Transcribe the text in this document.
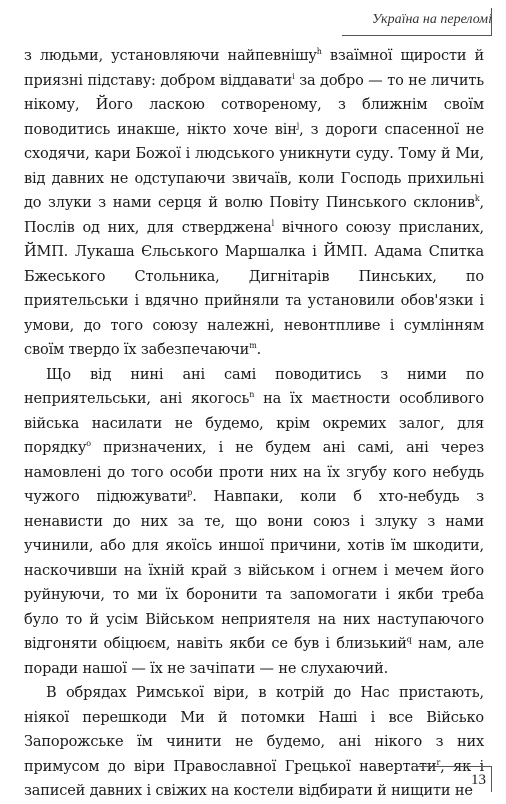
Україна на переломі

з людьми, установляючи найпевнішу$^h$ взаїмної щирости й приязні підставу: добром віддавати$^i$ за добро — то не личить нікому, Його ласкою сотвореному, з ближнім своїм поводитись инакше, нікто хоче він$^j$, з дороги спасенної не сходячи, кари Божої і людського уникнути суду. Тому й Ми, від давних не одступаючи звичаїв, коли Господь прихильні до злуки з нами серця й волю Повіту Пинського склонив$^k$, Послів од них, для стверджена$^l$ вічного союзу присланих, ЙМП. Лукаша Єльського Маршалка і ЙМП. Адама Спитка Бжеського Стольника, Дигнітарів Пинських, по приятельськи і вдячно прийняли та установили обов'язки і умови, до того союзу належні, невонтпливе і сумлінням своїм твердо їх забезпечаючи$^m$.

Що від нині ані самі поводитись з ними по неприятельськи, ані якогось$^n$ на їх маєтности особливого війська насилати не будемо, крім окремих залог, для порядку$^o$ призначених, і не будем ані самі, ані через намовлені до того особи проти них на їх згубу кого небудь чужого підюжувати$^p$. Навпаки, коли б хто-небудь з ненависти до них за те, що вони союз і злуку з нами учинили, або для якоїсь иншої причини, хотів їм шкодити, наскочивши на їхній край з військом і огнем і мечем його руйнуючи, то ми їх боронити та запомогати і якби треба було то й усім Військом неприятеля на них наступаючого відгоняти обіцюєм, навіть якби се був і близький$^q$ нам, але поради нашої — їх не зачіпати — не слухаючий.

В обрядах Римської віри, в котрій до Нас пристають, ніякої перешкоди Ми й потомки Наші і все Військо Запорожське їм чинити не будемо, ані нікого з них примусом до віри Православної Грецької навертати$^r$, як і записей давних і свіжих на костели відбирати й нищити не

13
